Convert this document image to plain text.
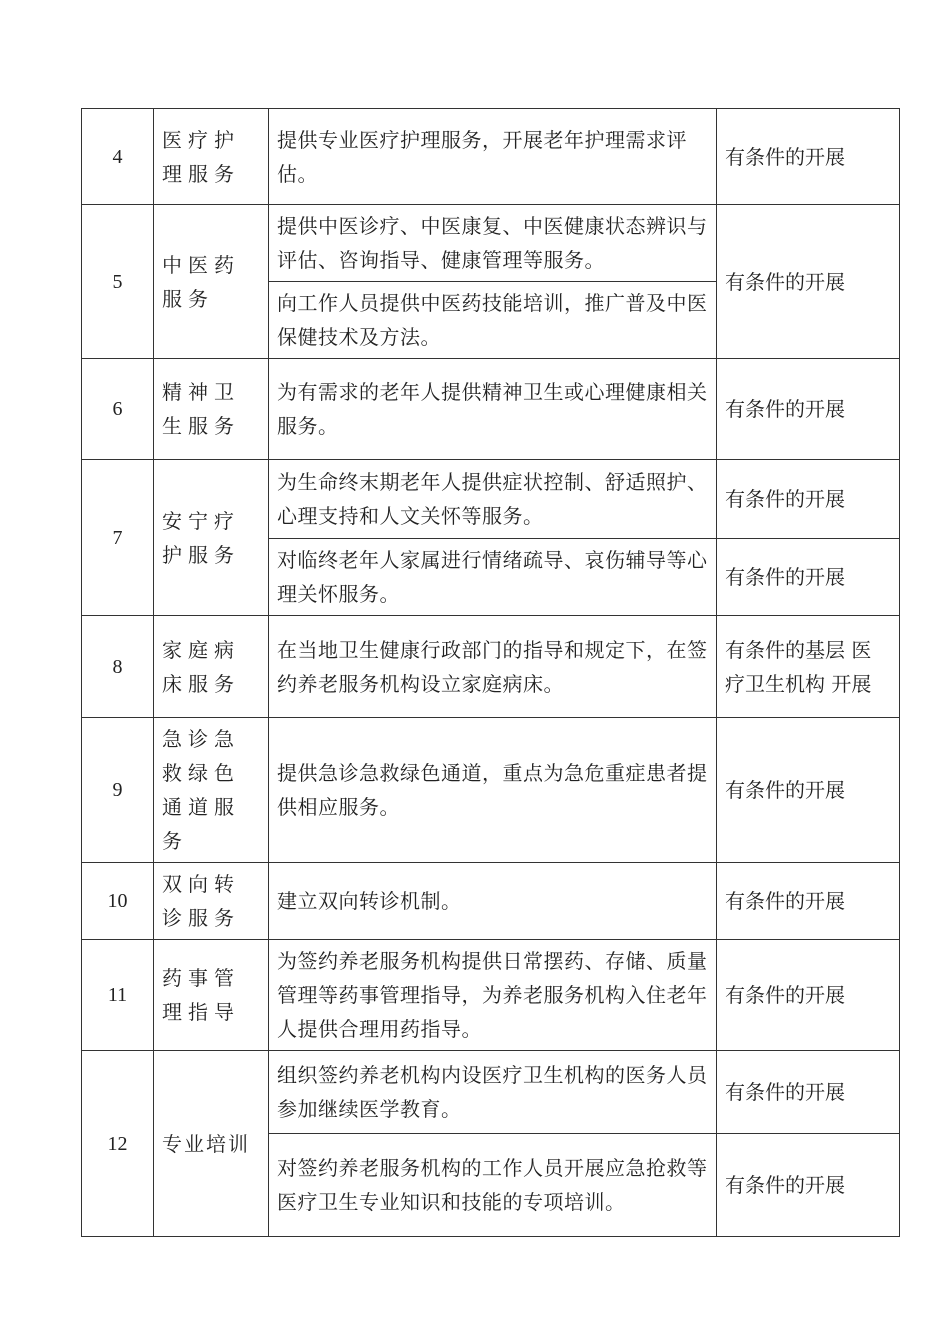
4	医疗护理服务	提供专业医疗护理服务，开展老年护理需求评估。	有条件的开展
5	中医药服务	提供中医诊疗、中医康复、中医健康状态辨识与评估、咨询指导、健康管理等服务。	有条件的开展
		向工作人员提供中医药技能培训，推广普及中医保健技术及方法。	
6	精神卫生服务	为有需求的老年人提供精神卫生或心理健康相关服务。	有条件的开展
7	安宁疗护服务	为生命终末期老年人提供症状控制、舒适照护、心理支持和人文关怀等服务。	有条件的开展
		对临终老年人家属进行情绪疏导、哀伤辅导等心理关怀服务。	有条件的开展
8	家庭病床服务	在当地卫生健康行政部门的指导和规定下，在签约养老服务机构设立家庭病床。	有条件的基层 医疗卫生机构 开展
9	急诊急救绿色通道服务	提供急诊急救绿色通道，重点为急危重症患者提供相应服务。	有条件的开展
10	双向转诊服务	建立双向转诊机制。	有条件的开展
11	药事管理指导	为签约养老服务机构提供日常摆药、存储、质量管理等药事管理指导，为养老服务机构入住老年人提供合理用药指导。	有条件的开展
12	专业培训	组织签约养老机构内设医疗卫生机构的医务人员参加继续医学教育。	有条件的开展
		对签约养老服务机构的工作人员开展应急抢救等医疗卫生专业知识和技能的专项培训。	有条件的开展
